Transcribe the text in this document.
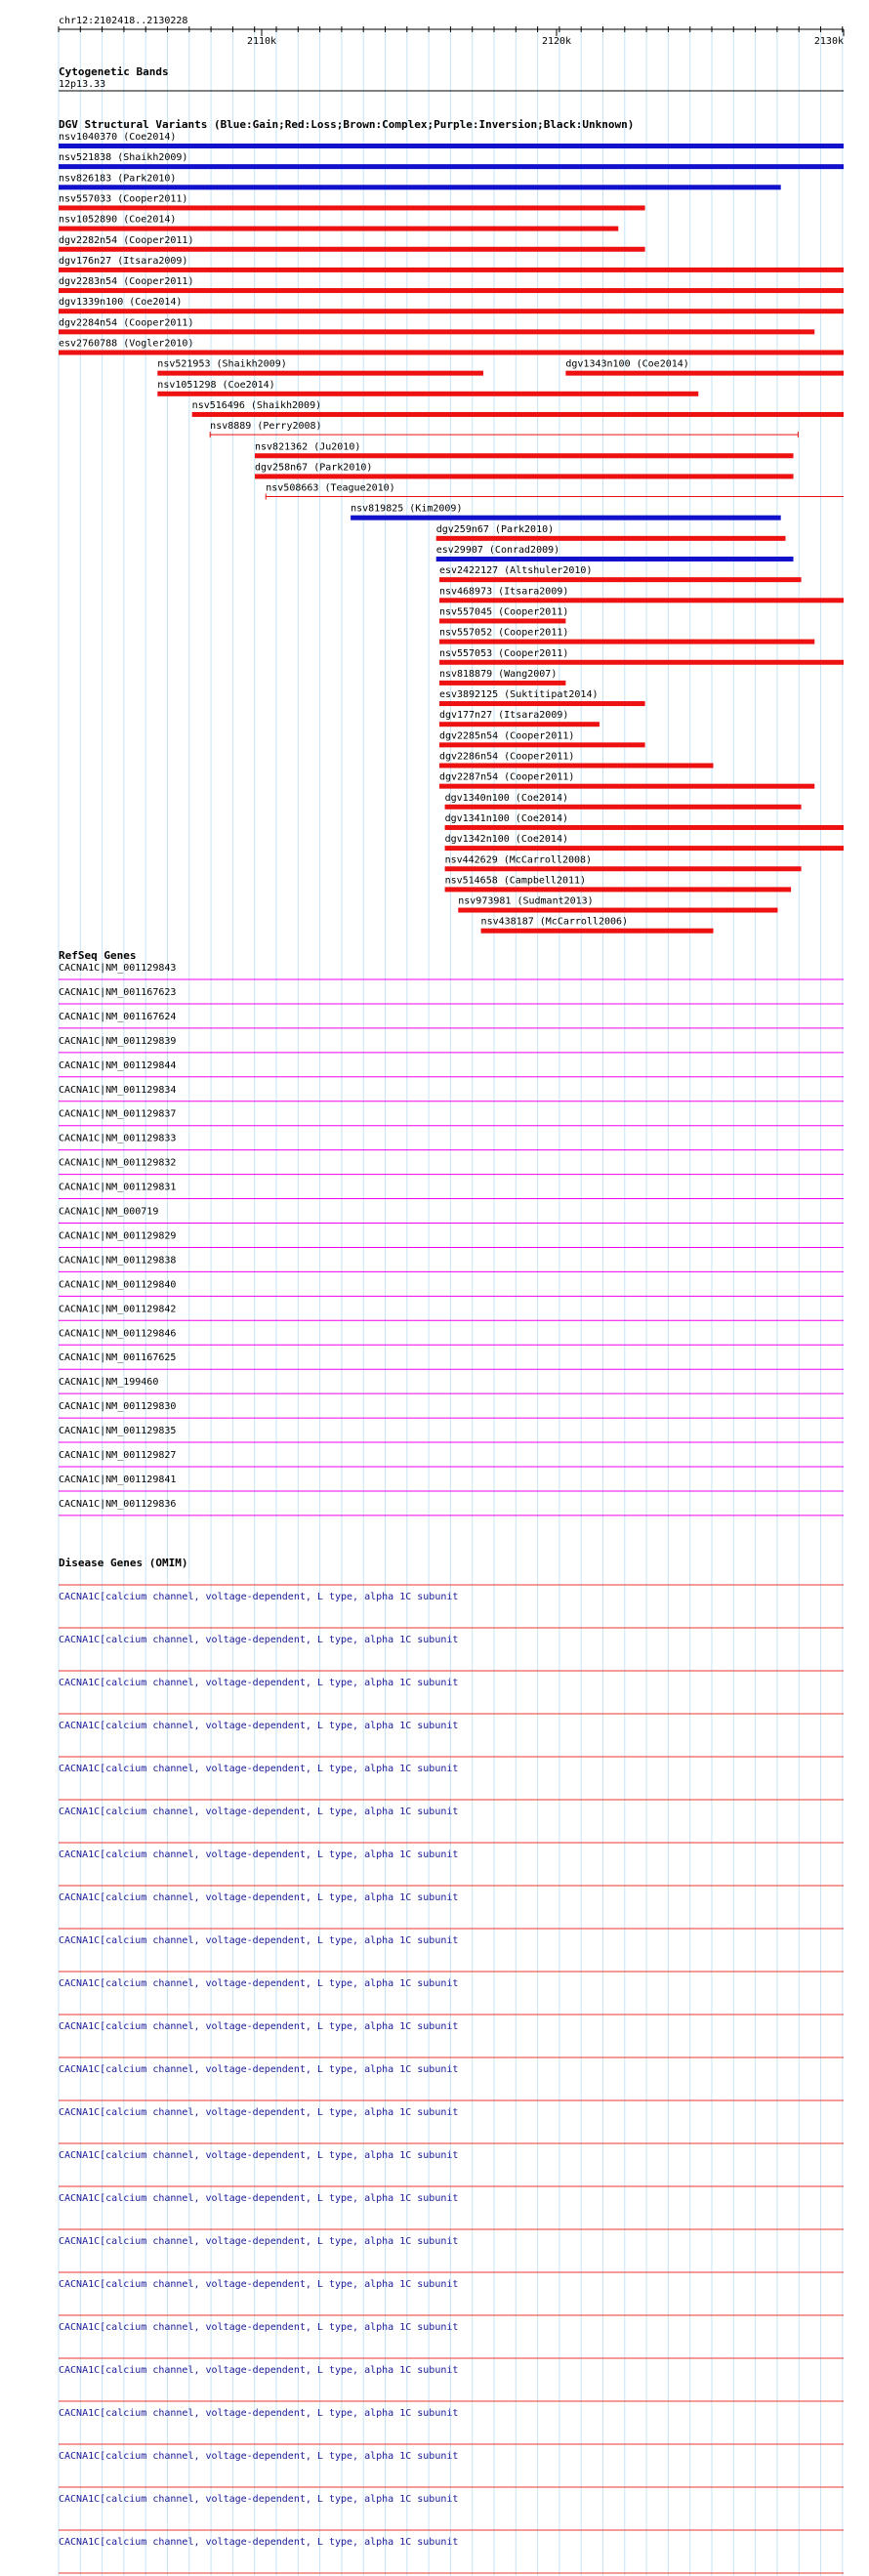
chr12:2102418..2130228
2110k	2120k	2130k
Cytogenetic Bands
12p13.33
DGV Structural Variants (Blue:Gain;Red:Loss;Brown:Complex;Purple:Inversion;Black:Unknown)
nsv1040370 (Coe2014)
nsv521838 (Shaikh2009)
nsv826183 (Park2010)
nsv557033 (Cooper2011)
nsv1052890 (Coe2014)
dgv2282n54 (Cooper2011)
dgv176n27 (Itsara2009)
dgv2283n54 (Cooper2011)
dgv1339n100 (Coe2014)
dgv2284n54 (Cooper2011)
esv2760788 (Vogler2010)
nsv521953 (Shaikh2009)	dgv1343n100 (Coe2014)
nsv1051298 (Coe2014)
nsv516496 (Shaikh2009)
nsv8889 (Perry2008)
nsv821362 (Ju2010)
dgv258n67 (Park2010)
nsv508663 (Teague2010)
nsv819825 (Kim2009)
dgv259n67 (Park2010)
esv29907 (Conrad2009)
esv2422127 (Altshuler2010)
nsv468973 (Itsara2009)
nsv557045 (Cooper2011)
nsv557052 (Cooper2011)
nsv557053 (Cooper2011)
nsv818879 (Wang2007)
esv3892125 (Suktitipat2014)
dgv177n27 (Itsara2009)
dgv2285n54 (Cooper2011)
dgv2286n54 (Cooper2011)
dgv2287n54 (Cooper2011)
dgv1340n100 (Coe2014)
dgv1341n100 (Coe2014)
dgv1342n100 (Coe2014)
nsv442629 (McCarroll2008)
nsv514658 (Campbell2011)
nsv973981 (Sudmant2013)
nsv438187 (McCarroll2006)
RefSeq Genes
CACNA1C|NM_001129843
CACNA1C|NM_001167623
CACNA1C|NM_001167624
CACNA1C|NM_001129839
CACNA1C|NM_001129844
CACNA1C|NM_001129834
CACNA1C|NM_001129837
CACNA1C|NM_001129833
CACNA1C|NM_001129832
CACNA1C|NM_001129831
CACNA1C|NM_000719
CACNA1C|NM_001129829
CACNA1C|NM_001129838
CACNA1C|NM_001129840
CACNA1C|NM_001129842
CACNA1C|NM_001129846
CACNA1C|NM_001167625
CACNA1C|NM_199460
CACNA1C|NM_001129830
CACNA1C|NM_001129835
CACNA1C|NM_001129827
CACNA1C|NM_001129841
CACNA1C|NM_001129836
Disease Genes (OMIM)
CACNA1C[calcium channel, voltage-dependent, L type, alpha 1C subunit
CACNA1C[calcium channel, voltage-dependent, L type, alpha 1C subunit
CACNA1C[calcium channel, voltage-dependent, L type, alpha 1C subunit
CACNA1C[calcium channel, voltage-dependent, L type, alpha 1C subunit
CACNA1C[calcium channel, voltage-dependent, L type, alpha 1C subunit
CACNA1C[calcium channel, voltage-dependent, L type, alpha 1C subunit
CACNA1C[calcium channel, voltage-dependent, L type, alpha 1C subunit
CACNA1C[calcium channel, voltage-dependent, L type, alpha 1C subunit
CACNA1C[calcium channel, voltage-dependent, L type, alpha 1C subunit
CACNA1C[calcium channel, voltage-dependent, L type, alpha 1C subunit
CACNA1C[calcium channel, voltage-dependent, L type, alpha 1C subunit
CACNA1C[calcium channel, voltage-dependent, L type, alpha 1C subunit
CACNA1C[calcium channel, voltage-dependent, L type, alpha 1C subunit
CACNA1C[calcium channel, voltage-dependent, L type, alpha 1C subunit
CACNA1C[calcium channel, voltage-dependent, L type, alpha 1C subunit
CACNA1C[calcium channel, voltage-dependent, L type, alpha 1C subunit
CACNA1C[calcium channel, voltage-dependent, L type, alpha 1C subunit
CACNA1C[calcium channel, voltage-dependent, L type, alpha 1C subunit
CACNA1C[calcium channel, voltage-dependent, L type, alpha 1C subunit
CACNA1C[calcium channel, voltage-dependent, L type, alpha 1C subunit
CACNA1C[calcium channel, voltage-dependent, L type, alpha 1C subunit
CACNA1C[calcium channel, voltage-dependent, L type, alpha 1C subunit
CACNA1C[calcium channel, voltage-dependent, L type, alpha 1C subunit
